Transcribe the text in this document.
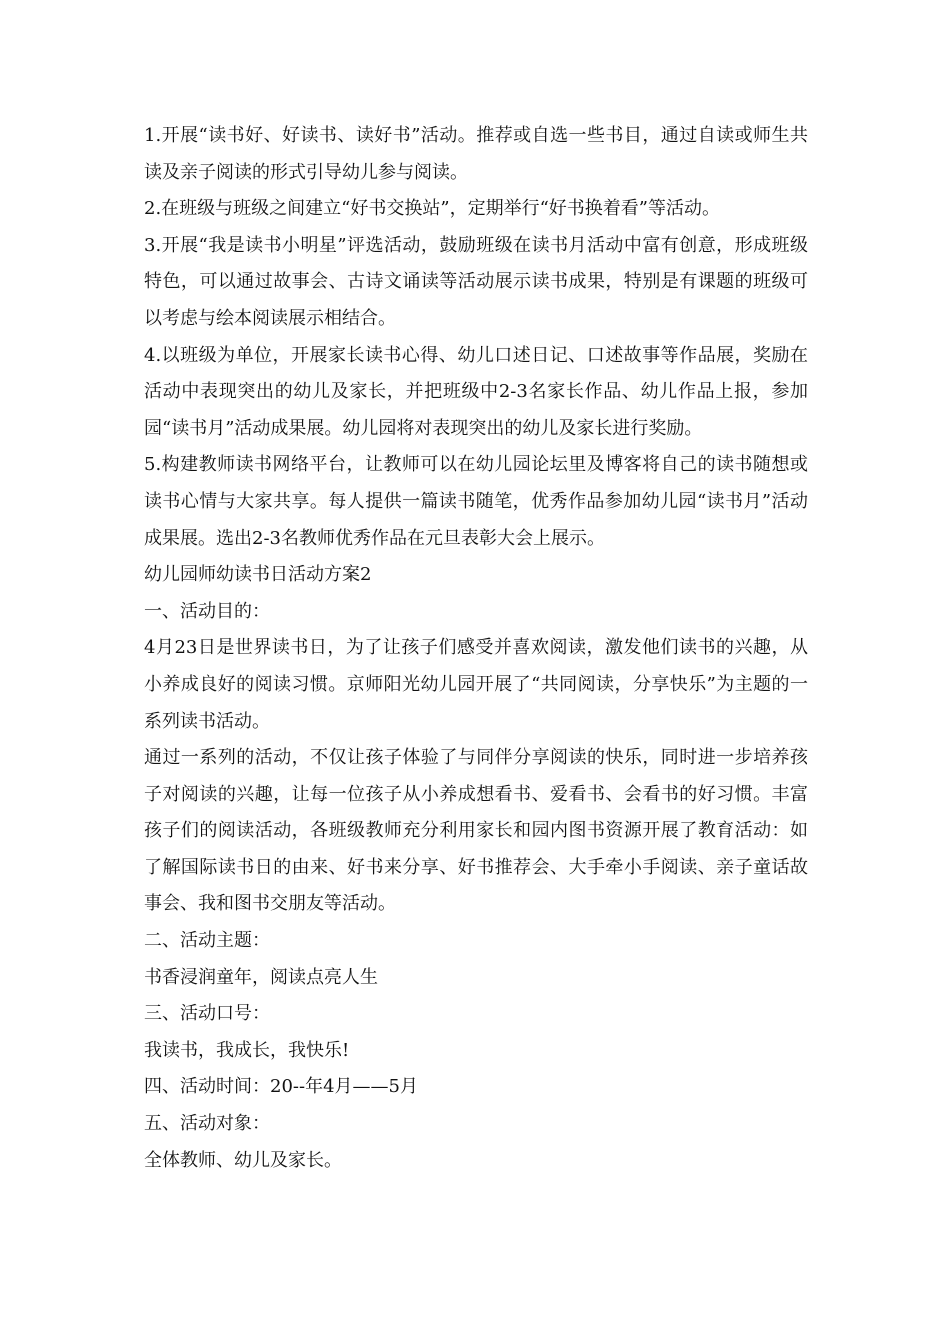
1.开展“读书好、好读书、读好书”活动。推荐或自选一些书目，通过自读或师生共读及亲子阅读的形式引导幼儿参与阅读。

2.在班级与班级之间建立“好书交换站”，定期举行“好书换着看”等活动。

3.开展“我是读书小明星”评选活动，鼓励班级在读书月活动中富有创意，形成班级特色，可以通过故事会、古诗文诵读等活动展示读书成果，特别是有课题的班级可以考虑与绘本阅读展示相结合。

4.以班级为单位，开展家长读书心得、幼儿口述日记、口述故事等作品展，奖励在活动中表现突出的幼儿及家长，并把班级中2-3名家长作品、幼儿作品上报，参加园“读书月”活动成果展。幼儿园将对表现突出的幼儿及家长进行奖励。

5.构建教师读书网络平台，让教师可以在幼儿园论坛里及博客将自己的读书随想或读书心情与大家共享。每人提供一篇读书随笔，优秀作品参加幼儿园“读书月”活动成果展。选出2-3名教师优秀作品在元旦表彰大会上展示。

幼儿园师幼读书日活动方案2

一、活动目的：

4月23日是世界读书日，为了让孩子们感受并喜欢阅读，激发他们读书的兴趣，从小养成良好的阅读习惯。京师阳光幼儿园开展了“共同阅读，分享快乐”为主题的一系列读书活动。

通过一系列的活动，不仅让孩子体验了与同伴分享阅读的快乐，同时进一步培养孩子对阅读的兴趣，让每一位孩子从小养成想看书、爱看书、会看书的好习惯。丰富孩子们的阅读活动，各班级教师充分利用家长和园内图书资源开展了教育活动：如了解国际读书日的由来、好书来分享、好书推荐会、大手牵小手阅读、亲子童话故事会、我和图书交朋友等活动。

二、活动主题：

书香浸润童年，阅读点亮人生

三、活动口号：

我读书，我成长，我快乐!

四、活动时间：20--年4月——5月

五、活动对象：

全体教师、幼儿及家长。
